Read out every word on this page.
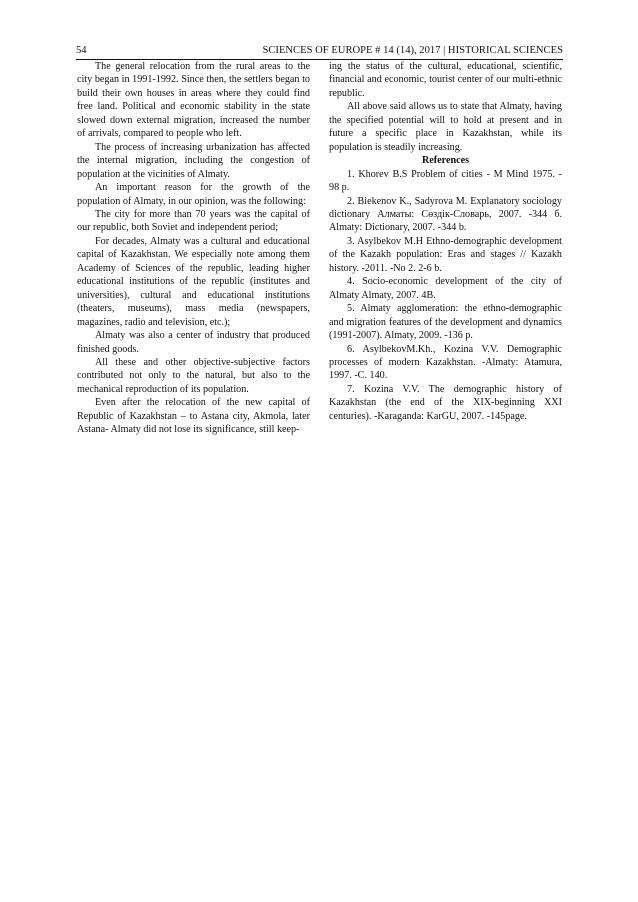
54	SCIENCES OF EUROPE # 14 (14), 2017 | HISTORICAL SCIENCES

The general relocation from the rural areas to the city began in 1991-1992. Since then, the settlers began to build their own houses in areas where they could find free land. Political and economic stability in the state slowed down external migration, increased the number of arrivals, compared to people who left.

The process of increasing urbanization has affected the internal migration, including the congestion of population at the vicinities of Almaty.

An important reason for the growth of the population of Almaty, in our opinion, was the following:

The city for more than 70 years was the capital of our republic, both Soviet and independent period;

For decades, Almaty was a cultural and educational capital of Kazakhstan. We especially note among them Academy of Sciences of the republic, leading higher educational institutions of the republic (institutes and universities), cultural and educational institutions (theaters, museums), mass media (newspapers, magazines, radio and television, etc.);

Almaty was also a center of industry that produced finished goods.

All these and other objective-subjective factors contributed not only to the natural, but also to the mechanical reproduction of its population.

Even after the relocation of the new capital of Republic of Kazakhstan – to Astana city, Akmola, later Astana- Almaty did not lose its significance, still keep-

ing the status of the cultural, educational, scientific, financial and economic, tourist center of our multi-ethnic republic.

All above said allows us to state that Almaty, having the specified potential will to hold at present and in future a specific place in Kazakhstan, while its population is steadily increasing.

References

1. Khorev B.S Problem of cities - M Mind 1975. - 98 p.

2. Biekenov K., Sadyrova M. Explanatory sociology dictionary Алматы: Сөздік-Словарь, 2007. -344 б. Almaty: Dictionary, 2007. -344 b.

3. Asylbekov M.H Ethno-demographic development of the Kazakh population: Eras and stages // Kazakh history. -2011. -No 2. 2-6 b.

4. Socio-economic development of the city of Almaty Almaty, 2007. 4B.

5. Almaty agglomeration: the ethno-demographic and migration features of the development and dynamics (1991-2007). Almaty, 2009. -136 p.

6. AsylbekovM.Kh., Kozina V.V. Demographic processes of modern Kazakhstan. -Almaty: Atamura, 1997. -C. 140.

7. Kozina V.V. The demographic history of Kazakhstan (the end of the XIX-beginning XXI centuries). -Karaganda: KarGU, 2007. -145page.
